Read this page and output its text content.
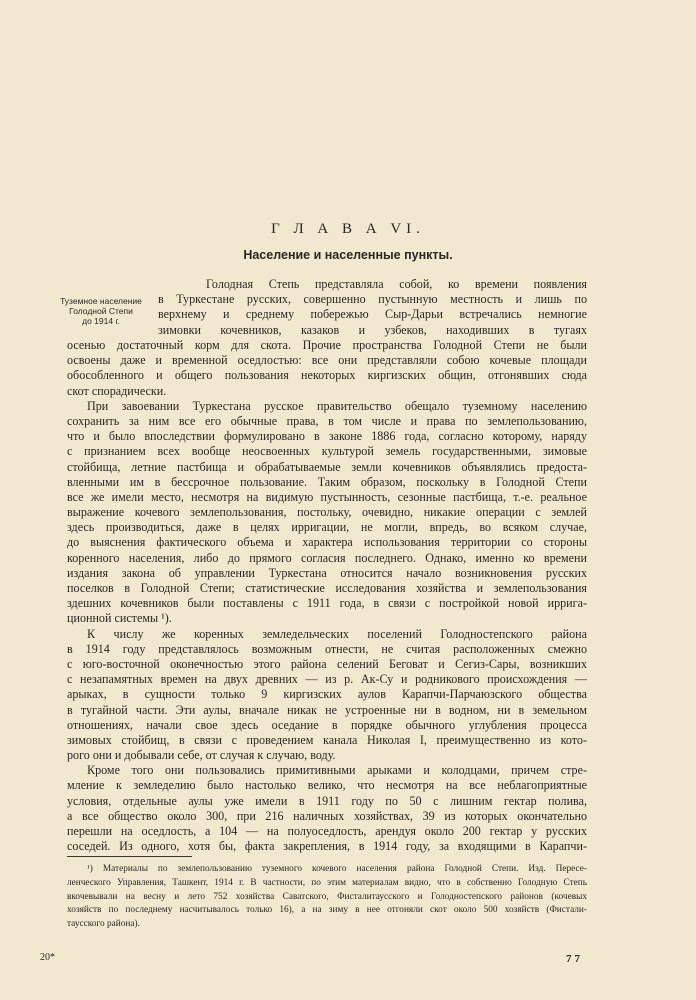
Г Л А В А VI.
Население и населенные пункты.
Туземное население
Голодной Степи
до 1914 г.
Голодная Степь представляла собой, ко времени появления
в Туркестане русских, совершенно пустынную местность и лишь по
верхнему и среднему побережью Сыр-Дарьи встречались немногие
зимовки кочевников, казаков и узбеков, находивших в тугаях
осенью достаточный корм для скота. Прочие пространства Голодной Степи не были
освоены даже и временной оседлостью: все они представляли собою кочевые площади
обособленного и общего пользования некоторых киргизских общин, отгонявших сюда
скот спорадически.
При завоевании Туркестана русское правительство обещало туземному населению
сохранить за ним все его обычные права, в том числе и права по землепользованию,
что и было впоследствии формулировано в законе 1886 года, согласно которому, наряду
с признанием всех вообще неосвоенных культурой земель государственными, зимовые
стойбища, летние пастбища и обрабатываемые земли кочевников объявлялись предоста-
вленными им в бессрочное пользование. Таким образом, поскольку в Голодной Степи
все же имели место, несмотря на видимую пустынность, сезонные пастбища, т.-е. реальное
выражение кочевого землепользования, постольку, очевидно, никакие операции с землей
здесь производиться, даже в целях ирригации, не могли, впредь, во всяком случае,
до выяснения фактического объема и характера использования территории со стороны
коренного населения, либо до прямого согласия последнего. Однако, именно ко времени
издания закона об управлении Туркестана относится начало возникновения русских
поселков в Голодной Степи; статистические исследования хозяйства и землепользования
здешних кочевников были поставлены с 1911 года, в связи с постройкой новой ирригa-
ционной системы ¹).
К числу же коренных земледельческих поселений Голодностепского района
в 1914 году представлялось возможным отнести, не считая расположенных смежно
с юго-восточной оконечностью этого района селений Беговат и Сегиз-Сары, возникших
с незапамятных времен на двух древних — из р. Ак-Су и родникового происхождения —
арыках, в сущности только 9 киргизских аулов Карапчи-Парчаюзского общества
в тугайной части. Эти аулы, вначале никак не устроенные ни в водном, ни в земельном
отношениях, начали свое здесь оседание в порядке обычного углубления процесса
зимовых стойбищ, в связи с проведением канала Николая I, преимущественно из кото-
рого они и добывали себе, от случая к случаю, воду.
Кроме того они пользовались примитивными арыками и колодцами, причем стре-
мление к земледелию было настолько велико, что несмотря на все неблагоприятные
условия, отдельные аулы уже имели в 1911 году по 50 с лишним гектар полива,
а все общество около 300, при 216 наличных хозяйствах, 39 из которых окончательно
перешли на оседлость, а 104 — на полуоседлость, арендуя около 200 гектар у русских
соседей. Из одного, хотя бы, факта закрепления, в 1914 году, за входящими в Карапчи-
¹) Материалы по землепользованию туземного кочевого населения района Голодной Степи. Изд. Пересе-
ленческого Управления, Ташкент, 1914 г. В частности, по этим материалам видно, что в собственно Голодную Степь
вкочевывали на весну и лето 752 хозяйства Саватского, Фисталитаусского и Голодностепского районов (кочевых
хозяйств по последнему насчитывалось только 16), а на зиму в нее отгоняли скот около 500 хозяйств (Фистали-
таусского района).
20*	77
